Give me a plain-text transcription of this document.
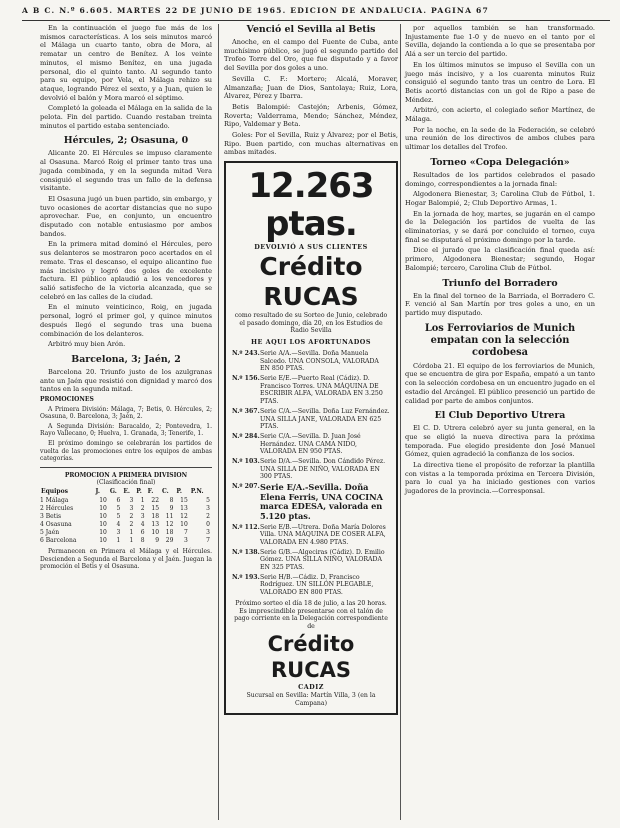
A B C. N.º 6.605. MARTES 22 DE JUNIO DE 1965. EDICION DE ANDALUCIA. PAGINA 67

En la continuación el juego fue más de los mismos características. A los seis minutos marcó el Málaga un cuarto tanto, obra de Mora, al rematar un centro de Benítez. A los veinte minutos, el mismo Benítez, en una jugada personal, dio el quinto tanto. Al segundo tanto para su equipo, por Vela, el Málaga rehizo su ataque, logrando Pérez el sexto, y a Juan, quien le devolvió el balón y Mora marcó el séptimo.

Completó la goleada el Málaga en la salida de la pelota. Fin del partido. Cuando restaban treinta minutos el partido estaba sentenciado.

Hércules, 2; Osasuna, 0

Alicante 20. El Hércules se impuso claramente al Osasuna. Marcó Roig el primer tanto tras una jugada combinada, y en la segunda mitad Vera consiguió el segundo tras un fallo de la defensa visitante.

El Osasuna jugó un buen partido, sin embargo, y tuvo ocasiones de acortar distancias que no supo aprovechar. Fue, en conjunto, un encuentro disputado con notable entusiasmo por ambos bandos.

En la primera mitad dominó el Hércules, pero sus delanteros se mostraron poco acertados en el remate. Tras el descanso, el equipo alicantino fue más incisivo y logró dos goles de excelente factura. El público aplaudió a los vencedores y salió satisfecho de la victoria alcanzada, que se celebró en las calles de la ciudad.

En el minuto veinticinco, Roig, en jugada personal, logró el primer gol, y quince minutos después llegó el segundo tras una buena combinación de los delanteros.

Arbitró muy bien Arón.

Barcelona, 3; Jaén, 2

Barcelona 20. Triunfo justo de los azulgranas ante un Jaén que resistió con dignidad y marcó dos tantos en la segunda mitad.

PROMOCIONES

A Primera División: Málaga, 7; Betis, 0. Hércules, 2; Osasuna, 0. Barcelona, 3; Jaén, 2.

A Segunda División: Baracaldo, 2; Pontevedra, 1. Rayo Vallecano, 0; Huelva, 1. Granada, 3; Tenerife, 1.

El próximo domingo se celebrarán los partidos de vuelta de las promociones entre los equipos de ambas categorías.

PROMOCION A PRIMERA DIVISION
(Clasificación final)
Equipos	J.	G.	E.	P.	F.	C.	P.	P.N.
1 Málaga	10	6	3	1	22	8	15	5
2 Hércules	10	5	3	2	15	9	13	3
3 Betis	10	5	2	3	18	11	12	2
4 Osasuna	10	4	2	4	13	12	10	0
5 Jaén	10	3	1	6	10	18	7	3
6 Barcelona	10	1	1	8	9	29	3	7

Permanecen en Primera el Málaga y el Hércules. Descienden a Segunda el Barcelona y el Jaén. Juegan la promoción el Betis y el Osasuna.

Venció el Sevilla al Betis

Anoche, en el campo del Fuente de Cuba, ante muchísimo público, se jugó el segundo partido del Trofeo Torre del Oro, que fue disputado y a favor del Sevilla por dos goles a uno.

Sevilla C. F.: Mortero; Alcalá, Moraver, Almanzaña; Juan de Dios, Santolaya; Ruiz, Lora, Álvarez, Pérez y Ibarra.

Betis Balompié: Castejón; Arbenis, Gómez, Roverta; Valderrama, Mendo; Sánchez, Méndez, Ripo, Valdemar y Beta.

Goles: Por el Sevilla, Ruiz y Álvarez; por el Betis, Ripo. Buen partido, con muchas alternativas en ambas mitades.

12.263 ptas.
DEVOLVIÓ A SUS CLIENTES
Crédito RUCAS
como resultado de su Sorteo de Junio, celebrado el pasado domingo, día 20, en los Estudios de Radio Sevilla
HE AQUI LOS AFORTUNADOS
N.º 243. Serie A/A.—Sevilla. Doña Manuela Salcedo. UNA CONSOLA, VALORADA EN 850 PTAS.
N.º 156. Serie E/E.—Puerto Real (Cádiz). D. Francisco Torres. UNA MÁQUINA DE ESCRIBIR ALFA, VALORADA EN 3.250 PTAS.
N.º 367. Serie C/A.—Sevilla. Doña Luz Fernández. UNA SILLA JANE, VALORADA EN 625 PTAS.
N.º 284. Serie C/A.—Sevilla. D. Juan José Hernández. UNA CAMA NIDO, VALORADA EN 950 PTAS.
N.º 103. Serie D/A.—Sevilla. Don Cándido Pérez. UNA SILLA DE NIÑO, VALORADA EN 300 PTAS.
N.º 207. Serie E/A.-Sevilla. Doña Elena Ferris, UNA COCINA marca EDESA, valorada en 5.120 ptas.
N.º 112. Serie E/B.—Utrera. Doña María Dolores Villa. UNA MÁQUINA DE COSER ALFA, VALORADA EN 4.980 PTAS.
N.º 138. Serie G/B.—Algeciras (Cádiz). D. Emilio Gómez. UNA SILLA NIÑO, VALORADA EN 325 PTAS.
N.º 193. Serie H/B.—Cádiz. D. Francisco Rodríguez. UN SILLÓN PLEGABLE, VALORADO EN 800 PTAS.
Próximo sorteo el día 18 de julio, a las 20 horas. Es imprescindible presentarse con el talón de pago corriente en la Delegación correspondiente de
Crédito RUCAS
CADIZ
Sucursal en Sevilla: Martín Villa, 3 (en la Campana)

por aquellos también se han transformado. Injustamente fue 1-0 y de nuevo en el tanto por el Sevilla, dejando la contienda a lo que se presentaba por Alá a ser un tercio del partido.

En los últimos minutos se impuso el Sevilla con un juego más incisivo, y a los cuarenta minutos Ruiz consiguió el segundo tanto tras un centro de Lora. El Betis acortó distancias con un gol de Ripo a pase de Méndez.

Arbitró, con acierto, el colegiado señor Martínez, de Málaga.

Por la noche, en la sede de la Federación, se celebró una reunión de los directivos de ambos clubes para ultimar los detalles del Trofeo.

Torneo «Copa Delegación»

Resultados de los partidos celebrados el pasado domingo, correspondientes a la jornada final:

Algodonera Bienestar, 3; Carolina Club de Fútbol, 1. Hogar Balompié, 2; Club Deportivo Armas, 1.

En la jornada de hoy, martes, se jugarán en el campo de la Delegación los partidos de vuelta de las eliminatorias, y se dará por concluido el torneo, cuya final se disputará el próximo domingo por la tarde.

Dice el jurado que la clasificación final queda así: primero, Algodonera Bienestar; segundo, Hogar Balompié; tercero, Carolina Club de Fútbol.

Triunfo del Borradero

En la final del torneo de la Barriada, el Borradero C. F. venció al San Martín por tres goles a uno, en un partido muy disputado.

Los Ferroviarios de Munich empatan con la selección cordobesa

Córdoba 21. El equipo de los ferroviarios de Munich, que se encuentra de gira por España, empató a un tanto con la selección cordobesa en un encuentro jugado en el estadio del Arcángel. El público presenció un partido de calidad por parte de ambos conjuntos.

El Club Deportivo Utrera

El C. D. Utrera celebró ayer su junta general, en la que se eligió la nueva directiva para la próxima temporada. Fue elegido presidente don José Manuel Gómez, quien agradeció la confianza de los socios.

La directiva tiene el propósito de reforzar la plantilla con vistas a la temporada próxima en Tercera División, para lo cual ya ha iniciado gestiones con varios jugadores de la provincia.—Corresponsal.
